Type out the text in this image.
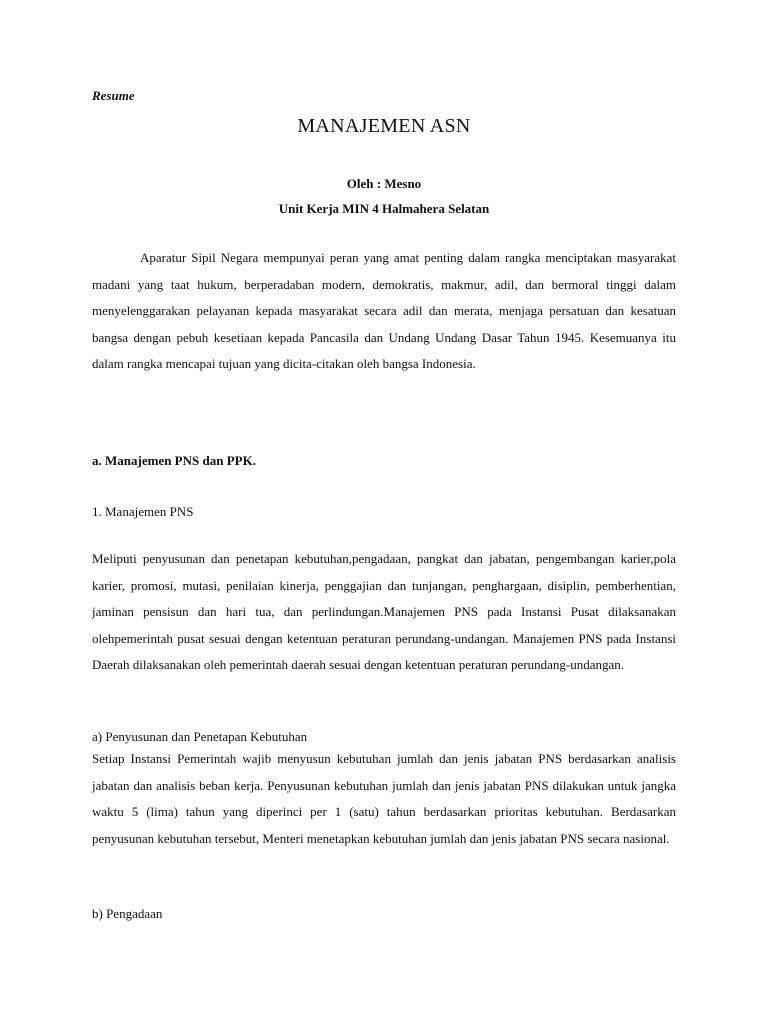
Resume

MANAJEMEN ASN

Oleh : Mesno

Unit Kerja MIN 4 Halmahera Selatan

Aparatur Sipil Negara mempunyai peran yang amat penting dalam rangka menciptakan masyarakat madani yang taat hukum, berperadaban modern, demokratis, makmur, adil, dan bermoral tinggi dalam menyelenggarakan pelayanan kepada masyarakat secara adil dan merata, menjaga persatuan dan kesatuan bangsa dengan pebuh kesetiaan kepada Pancasila dan Undang Undang Dasar Tahun 1945. Kesemuanya itu dalam rangka mencapai tujuan yang dicita-citakan oleh bangsa Indonesia.

a. Manajemen PNS dan PPK.

1. Manajemen PNS

Meliputi penyusunan dan penetapan kebutuhan,pengadaan, pangkat dan jabatan, pengembangan karier,pola karier, promosi, mutasi, penilaian kinerja, penggajian dan tunjangan, penghargaan, disiplin, pemberhentian, jaminan pensisun dan hari tua, dan perlindungan.Manajemen PNS pada Instansi Pusat dilaksanakan olehpemerintah pusat sesuai dengan ketentuan peraturan perundang-undangan. Manajemen PNS pada Instansi Daerah dilaksanakan oleh pemerintah daerah sesuai dengan ketentuan peraturan perundang-undangan.

a) Penyusunan dan Penetapan Kebutuhan

Setiap Instansi Pemerintah wajib menyusun kebutuhan jumlah dan jenis jabatan PNS berdasarkan analisis jabatan dan analisis beban kerja. Penyusunan kebutuhan jumlah dan jenis jabatan PNS dilakukan untuk jangka waktu 5 (lima) tahun yang diperinci per 1 (satu) tahun berdasarkan prioritas kebutuhan. Berdasarkan penyusunan kebutuhan tersebut, Menteri menetapkan kebutuhan jumlah dan jenis jabatan PNS secara nasional.

b) Pengadaan
